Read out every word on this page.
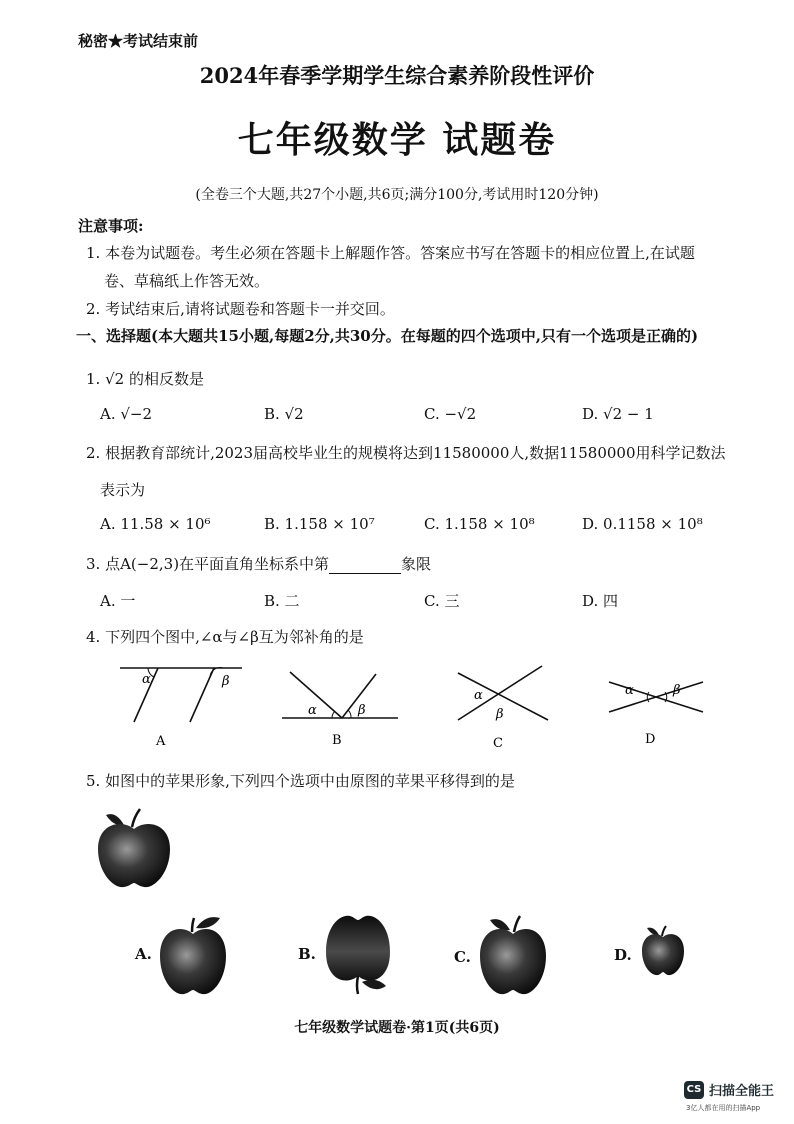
秘密★考试结束前
2024年春季学期学生综合素养阶段性评价
七年级数学 试题卷
(全卷三个大题,共27个小题,共6页;满分100分,考试用时120分钟)
注意事项:
1. 本卷为试题卷。考生必须在答题卡上解题作答。答案应书写在答题卡的相应位置上,在试题
卷、草稿纸上作答无效。
2. 考试结束后,请将试题卷和答题卡一并交回。
一、选择题(本大题共15小题,每题2分,共30分。在每题的四个选项中,只有一个选项是正确的)
1. √2 的相反数是
A. √−2	B. √2	C. −√2	D. √2 − 1
2. 根据教育部统计,2023届高校毕业生的规模将达到11580000人,数据11580000用科学记数法
表示为
A. 11.58 × 10⁶	B. 1.158 × 10⁷	C. 1.158 × 10⁸	D. 0.1158 × 10⁸
3. 点A(−2,3)在平面直角坐标系中第	象限
A. 一	B. 二	C. 三	D. 四
4. 下列四个图中,∠α与∠β互为邻补角的是
α	β
A
α	β
B
α
β
C
α	β
D
5. 如图中的苹果形象,下列四个选项中由原图的苹果平移得到的是
A.	B.	C.	D.
七年级数学试题卷·第1页(共6页)
CS 扫描全能王
3亿人都在用的扫描App
